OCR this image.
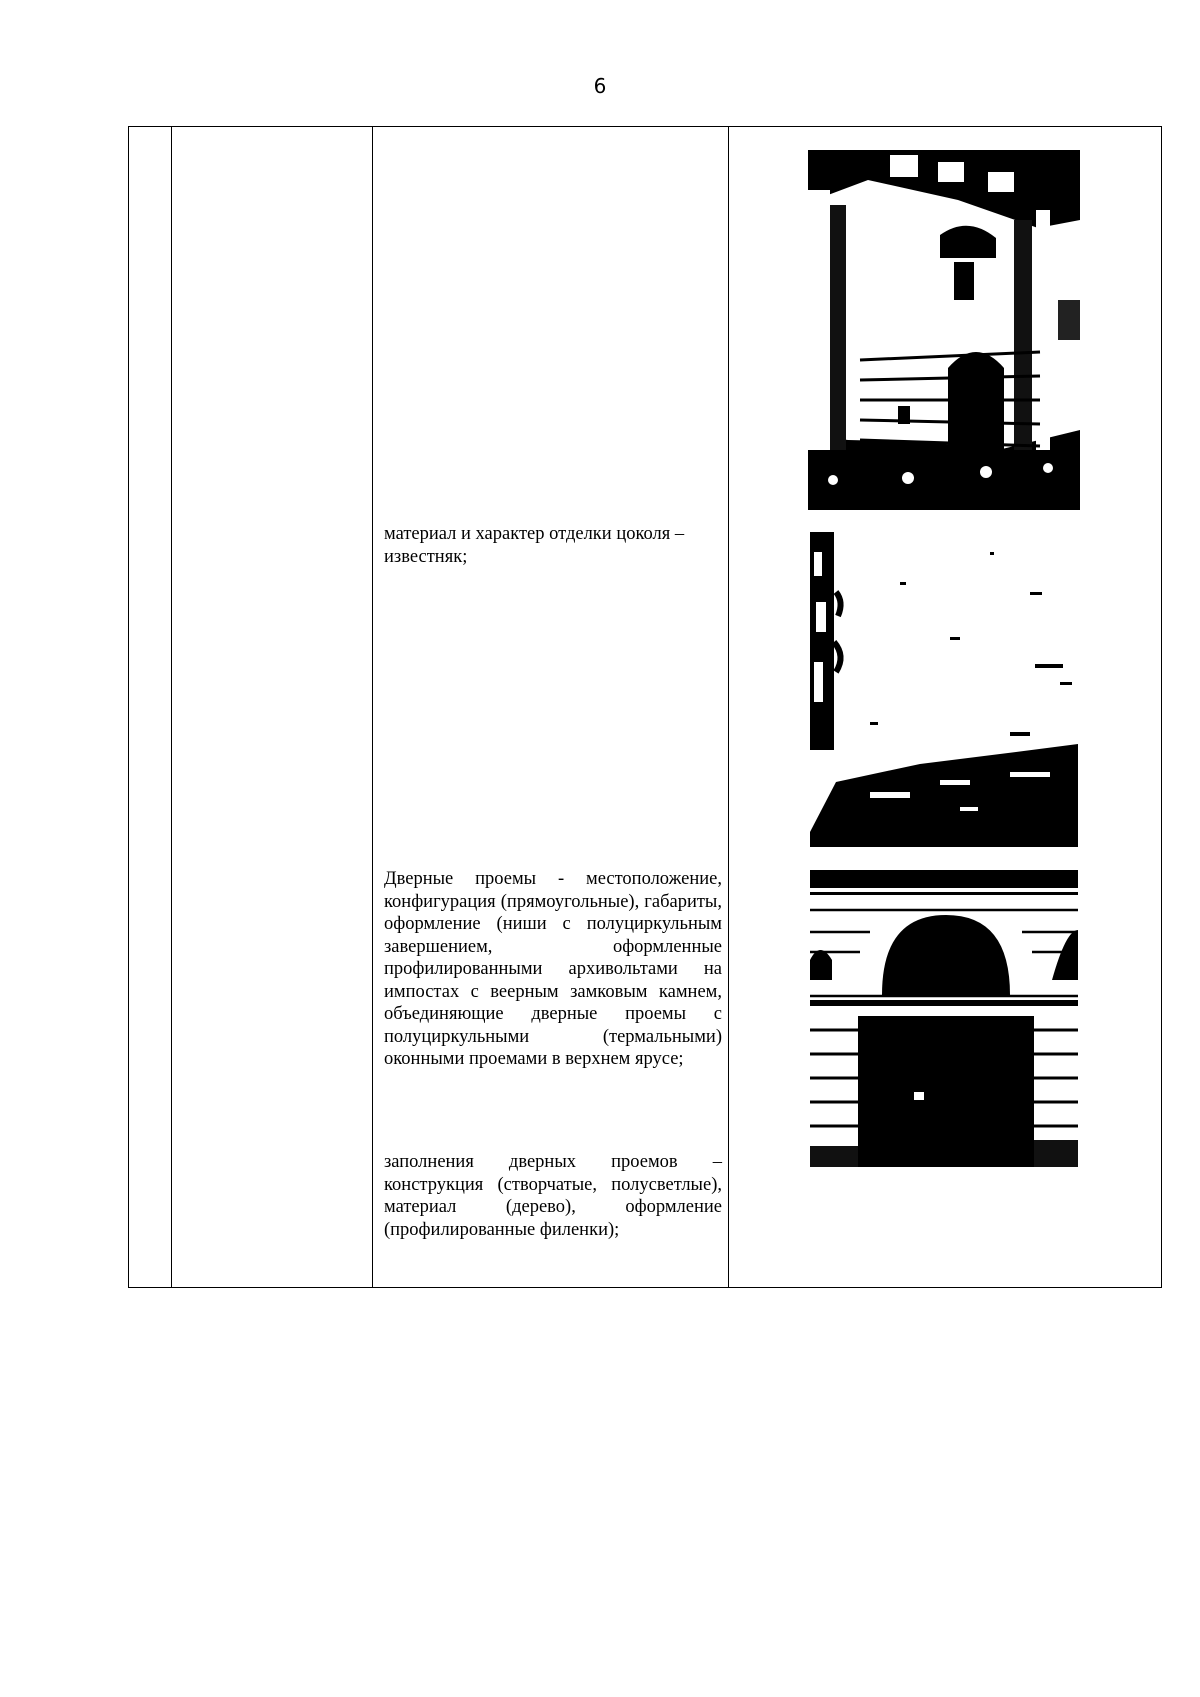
6
материал и характер отделки цоколя – известняк;
Дверные проемы - местоположение, конфигурация (прямоугольные), габариты, оформление (ниши с полуциркульным завершением, оформленные профилированными архивольтами на импостах с веерным замковым камнем, объединяющие дверные проемы с полуциркульными (термальными) оконными проемами в верхнем ярусе;
заполнения дверных проемов – конструкция (створчатые, полусветлые), материал (дерево), оформление (профилированные филенки);
